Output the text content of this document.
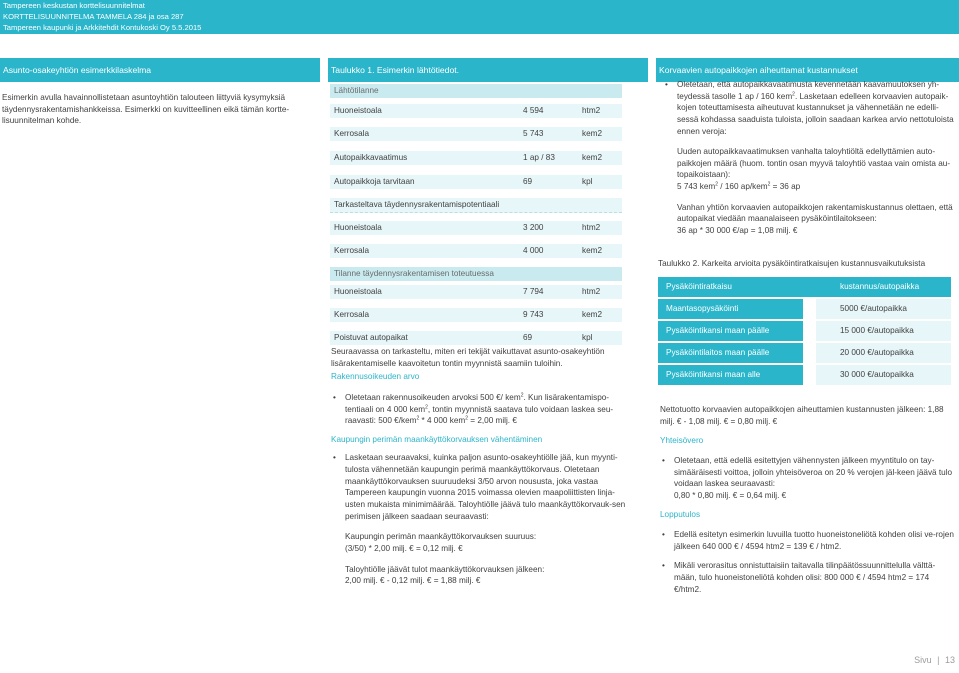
Tampereen keskustan korttelisuunnitelmat
KORTTELISUUNNITELMA TAMMELA 284 ja osa 287
Tampereen kaupunki ja Arkkitehdit Kontukoski Oy 5.5.2015
Asunto-osakeyhtiön esimerkkilaskelma	Taulukko 1. Esimerkin lähtötiedot.	Korvaavien autopaikkojen aiheuttamat kustannukset

Esimerkin avulla havainnollistetaan asuntoyhtiön talouteen liittyviä kysymyksiä täydennysrakentamishankkeissa. Esimerkki on kuvitteellinen eikä tämän kortte-lisuunnitelman kohde.

Lähtötilanne
Huoneistoala	4 594	htm2
Kerrosala	5 743	kem2
Autopaikkavaatimus	1 ap / 83	kem2
Autopaikkoja tarvitaan	69	kpl
Tarkasteltava täydennysrakentamispotentiaali
Huoneistoala	3 200	htm2
Kerrosala	4 000	kem2
Tilanne täydennysrakentamisen toteutuessa
Huoneistoala	7 794	htm2
Kerrosala	9 743	kem2
Poistuvat autopaikat	69	kpl

Seuraavassa on tarkasteltu, miten eri tekijät vaikuttavat asunto-osakeyhtiön lisärakentamiselle kaavoitetun tontin myynnistä saamiin tuloihin.

Rakennusoikeuden arvo

• Oletetaan rakennusoikeuden arvoksi 500 €/ kem$^2$. Kun lisärakentamispo-
tentiaali on 4 000 kem$^2$, tontin myynnistä saatava tulo voidaan laskea seu-
raavasti: 500 €/kem$^2$ * 4 000 kem$^2$ = 2,00 milj. €

Kaupungin perimän maankäyttökorvauksen vähentäminen

• Lasketaan seuraavaksi, kuinka paljon asunto-osakeyhtiölle jää, kun myynti-tulosta vähennetään kaupungin perimä maankäyttökorvaus. Oletetaan maankäyttökorvauksen suuruudeksi 3/50 arvon noususta, joka vastaa Tampereen kaupungin vuonna 2015 voimassa olevien maapoliittisten linja-usten mukaista minimimäärää. Taloyhtiölle jäävä tulo maankäyttökorvauk-sen perimisen jälkeen saadaan seuraavasti:
Kaupungin perimän maankäyttökorvauksen suuruus:
(3/50) * 2,00 milj. € = 0,12 milj. €
Taloyhtiölle jäävät tulot maankäyttökorvauksen jälkeen:
2,00 milj. € - 0,12 milj. € = 1,88 milj. €
• Oletetaan, että autopaikkavaatimusta kevennetään kaavamuutoksen yh-
teydessä tasolle 1 ap / 160 kem$^2$. Lasketaan edelleen korvaavien autopaik-
kojen toteuttamisesta aiheutuvat kustannukset ja vähennetään ne edelli-sessä kohdassa saaduista tuloista, jolloin saadaan karkea arvio nettotuloista ennen veroja:
Uuden autopaikkavaatimuksen vanhalta taloyhtiöltä edellyttämien auto-paikkojen määrä (huom. tontin osan myyvä taloyhtiö vastaa vain omista au-topaikoistaan):
5 743 kem$^2$ / 160 ap/kem$^2$ = 36 ap
Vanhan yhtiön korvaavien autopaikkojen rakentamiskustannus olettaen, että autopaikat viedään maanalaiseen pysäköintilaitokseen:
36 ap * 30 000 €/ap = 1,08 milj. €
Taulukko 2. Karkeita arvioita pysäköintiratkaisujen kustannusvaikutuksista
Pysäköintiratkaisu	kustannus/autopaikka
Maantasopysäköinti	5000 €/autopaikka
Pysäköintikansi maan päälle	15 000 €/autopaikka
Pysäköintilaitos maan päälle	20 000 €/autopaikka
Pysäköintikansi maan alle	30 000 €/autopaikka

Nettotuotto korvaavien autopaikkojen aiheuttamien kustannusten jälkeen: 1,88 milj. € - 1,08 milj. € = 0,80 milj. €

Yhteisövero

• Oletetaan, että edellä esitettyjen vähennysten jälkeen myyntitulo on tay-simääräisesti voittoa, jolloin yhteisöveroa on 20 % verojen jäl-keen jäävä tulo voidaan laskea seuraavasti:
0,80 * 0,80 milj. € = 0,64 milj. €

Lopputulos

• Edellä esitetyn esimerkin luvuilla tuotto huoneistoneliötä kohden olisi ve-rojen jälkeen 640 000 € / 4594 htm2 = 139 € / htm2.
• Mikäli verorasitus onnistuttaisiin taitavalla tilinpäätössuunnittelulla välttä-mään, tulo huoneistoneliötä kohden olisi: 800 000 € / 4594 htm2 = 174 €/htm2.
Sivu | 13
